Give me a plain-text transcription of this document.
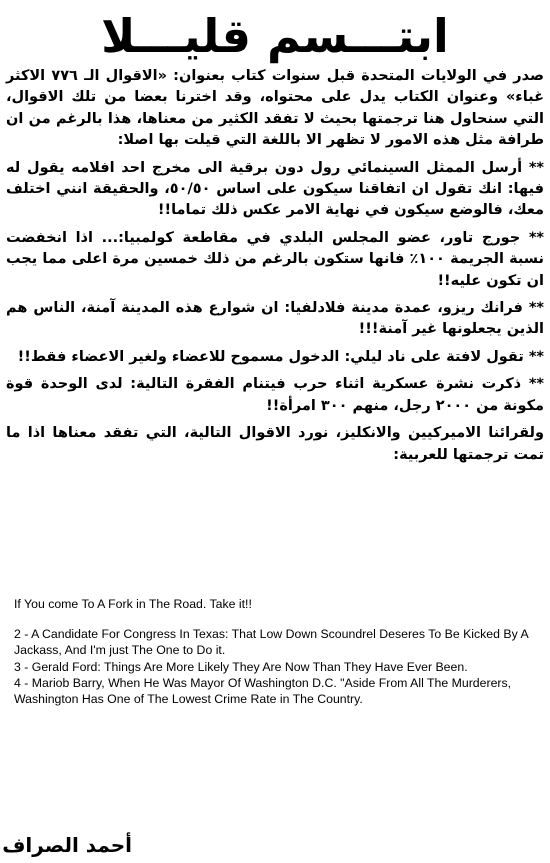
ابتـــسم قليـــلا

صدر في الولايات المتحدة قبل سنوات كتاب بعنوان: «الاقوال الـ ٧٧٦ الاكثر غباء» وعنوان الكتاب يدل على محتواه، وقد اخترنا بعضا من تلك الاقوال، التي سنحاول هنا ترجمتها بحيث لا تفقد الكثير من معناها، هذا بالرغم من ان طرافة مثل هذه الامور لا تظهر الا باللغة التي قيلت بها اصلا:

** أرسل الممثل السينمائي رول دون برقية الى مخرج احد افلامه يقول له فيها: انك تقول ان اتفاقنا سيكون على اساس ٥٠/٥٠، والحقيقة انني اختلف معك، فالوضع سيكون في نهاية الامر عكس ذلك تماما!!

** جورج تاور، عضو المجلس البلدي في مقاطعة كولمبيا:... اذا انخفضت نسبة الجريمة ١٠٠٪ فانها ستكون بالرغم من ذلك خمسين مرة اعلى مما يجب ان تكون عليه!!

** فرانك ريزو، عمدة مدينة فلادلفيا: ان شوارع هذه المدينة آمنة، الناس هم الذين يجعلونها غير آمنة!!!

** تقول لافتة على ناد ليلي: الدخول مسموح للاعضاء ولغير الاعضاء فقط!!

** ذكرت نشرة عسكرية اثناء حرب فيتنام الفقرة التالية: لدى الوحدة قوة مكونة من ٢٠٠٠ رجل، منهم ٣٠٠ امرأة!!

ولقرائنا الاميركيين والانكليز، نورد الاقوال التالية، التي تفقد معناها اذا ما تمت ترجمتها للعربية:

If You come To A Fork in The Road. Take it!!

2 - A Candidate For Congress In Texas: That Low Down Scoundrel Deseres To Be Kicked By A Jackass, And I'm just The One to Do it.

3 - Gerald Ford: Things Are More Likely They Are Now Than They Have Ever Been.

4 - Mariob Barry, When He Was Mayor Of Washington D.C. "Aside From All The Murderers, Washington Has One of The Lowest Crime Rate in The Country.

أحمد الصراف
